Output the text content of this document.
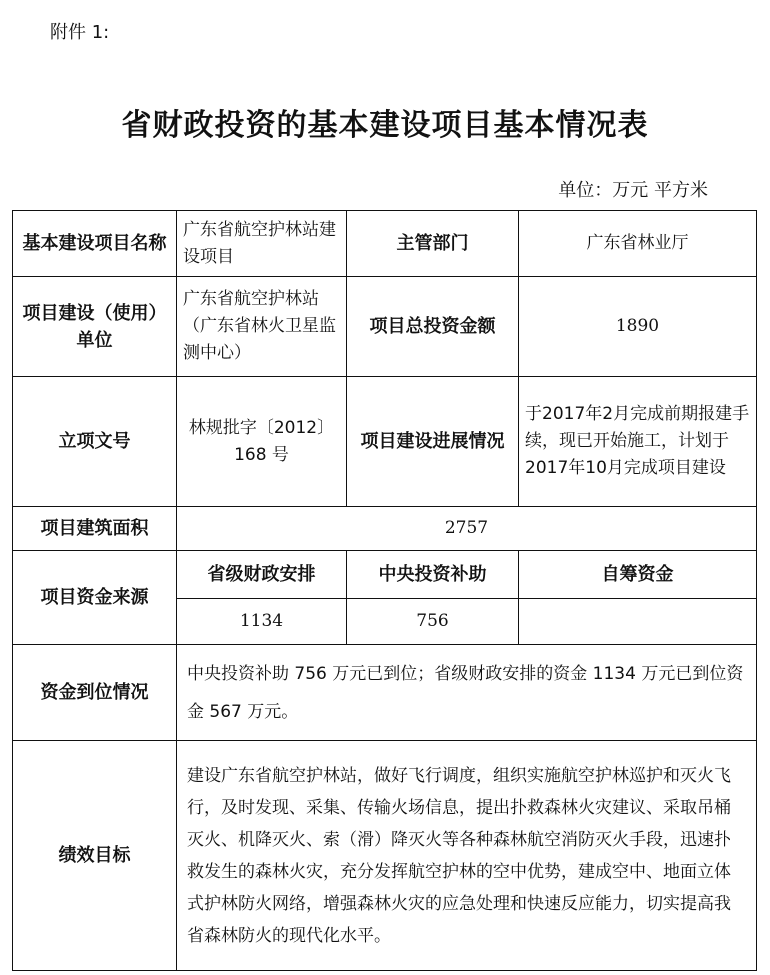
附件 1:
省财政投资的基本建设项目基本情况表
单位：万元 平方米
基本建设项目名称	广东省航空护林站建设项目	主管部门	广东省林业厅
项目建设（使用）单位	广东省航空护林站（广东省林火卫星监测中心）	项目总投资金额	1890
立项文号	林规批字〔2012〕168 号	项目建设进展情况	于2017年2月完成前期报建手续，现已开始施工，计划于2017年10月完成项目建设
项目建筑面积	2757		
项目资金来源	省级财政安排	中央投资补助	自筹资金
	1134	756	
资金到位情况	中央投资补助 756 万元已到位；省级财政安排的资金 1134 万元已到位资金 567 万元。		
绩效目标	建设广东省航空护林站，做好飞行调度，组织实施航空护林巡护和灭火飞行，及时发现、采集、传输火场信息，提出扑救森林火灾建议、采取吊桶灭火、机降灭火、索（滑）降灭火等各种森林航空消防灭火手段，迅速扑救发生的森林火灾，充分发挥航空护林的空中优势，建成空中、地面立体式护林防火网络，增强森林火灾的应急处理和快速反应能力，切实提高我省森林防火的现代化水平。		
